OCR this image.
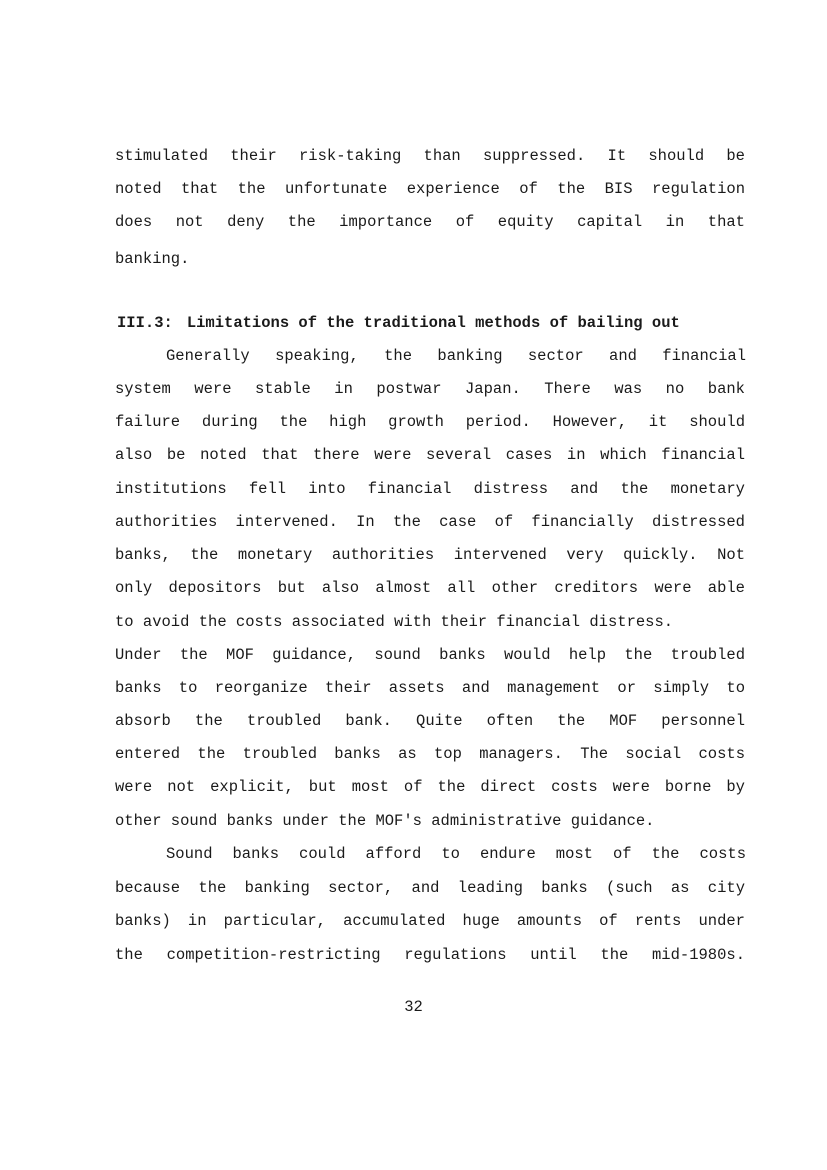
stimulated their risk-taking than suppressed. It should be
noted that the unfortunate experience of the BIS regulation
does not deny the importance of equity capital in that
banking.
III.3: Limitations of the traditional methods of bailing out
Generally speaking, the banking sector and financial
system were stable in postwar Japan. There was no bank
failure during the high growth period. However, it should
also be noted that there were several cases in which financial
institutions fell into financial distress and the monetary
authorities intervened. In the case of financially distressed
banks, the monetary authorities intervened very quickly. Not
only depositors but also almost all other creditors were able
to avoid the costs associated with their financial distress.
Under the MOF guidance, sound banks would help the troubled
banks to reorganize their assets and management or simply to
absorb the troubled bank. Quite often the MOF personnel
entered the troubled banks as top managers. The social costs
were not explicit, but most of the direct costs were borne by
other sound banks under the MOF's administrative guidance.
Sound banks could afford to endure most of the costs
because the banking sector, and leading banks (such as city
banks) in particular, accumulated huge amounts of rents under
the competition-restricting regulations until the mid-1980s.
32
